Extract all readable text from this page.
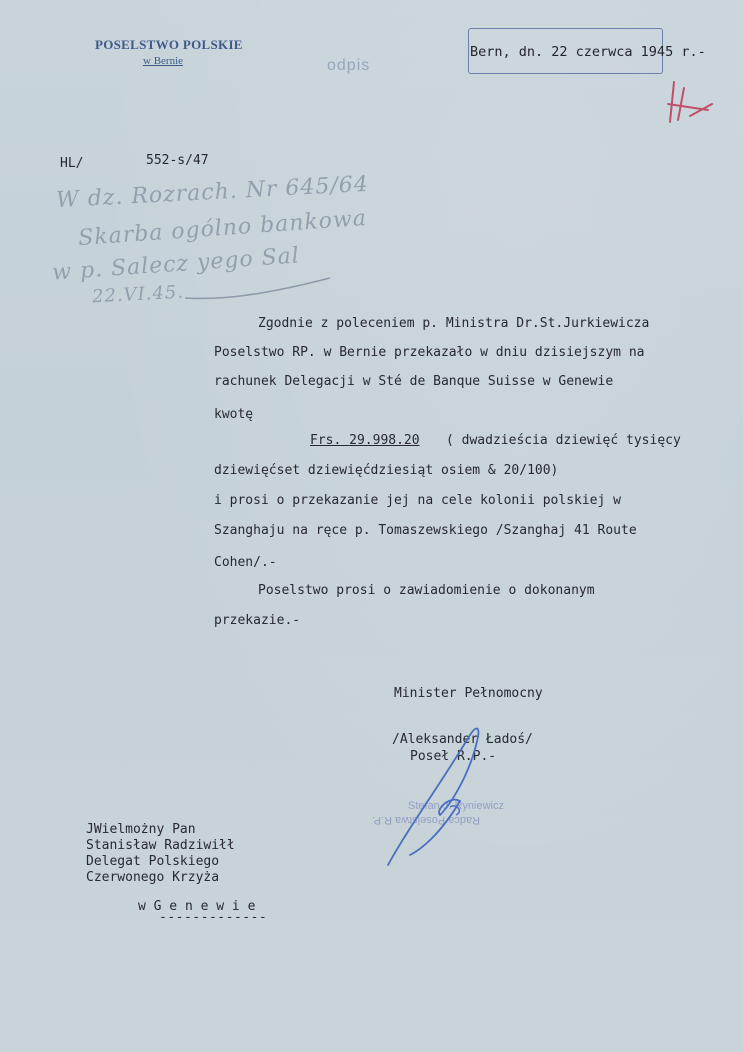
POSELSTWO POLSKIE
w Bernie	odpis
Bern, dn. 22 czerwca 1945 r.-
HL/	552-s/47
W dz. Rozrach. Nr 645/64
Skarba ogólno bankowa
w p. Salecz yego Sal
22.VI.45.
Zgodnie z poleceniem p. Ministra Dr.St.Jurkiewicza
Poselstwo RP. w Bernie przekazało w dniu dzisiejszym na
rachunek Delegacji w Sté de Banque Suisse w Genewie
kwotę
Frs. 29.998.20 ( dwadzieścia dziewięć tysięcy
dziewięćset dziewięćdziesiąt osiem & 20/100)
i prosi o przekazanie jej na cele kolonii polskiej w
Szanghaju na ręce p. Tomaszewskiego /Szanghaj 41 Route
Cohen/.-
Poselstwo prosi o zawiadomienie o dokonanym
przekazie.-
Minister Pełnomocny
/Aleksander Ładoś/
Poseł R.P.-
Stefan J. Ryniewicz
Radca Poselstwa R.P.
JWielmożny Pan
Stanisław Radziwiłł
Delegat Polskiego
Czerwonego Krzyża
w G e n e w i e
-------------
